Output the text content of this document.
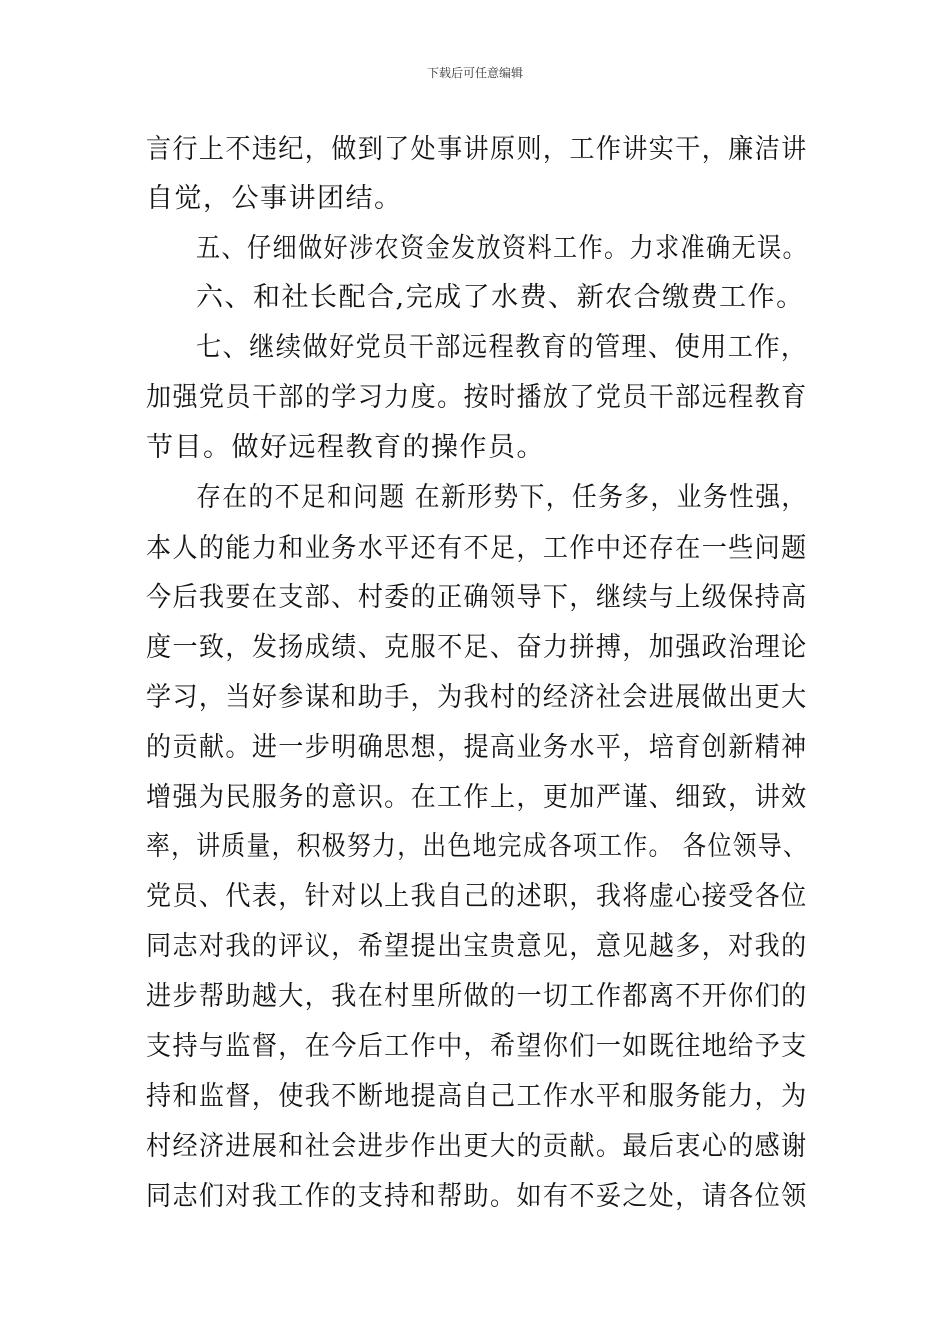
下载后可任意编辑
言行上不违纪，做到了处事讲原则，工作讲实干，廉洁讲
自觉，公事讲团结。
五、仔细做好涉农资金发放资料工作。力求准确无误。
六、和社长配合,完成了水费、新农合缴费工作。
七、继续做好党员干部远程教育的管理、使用工作，
加强党员干部的学习力度。按时播放了党员干部远程教育
节目。做好远程教育的操作员。
存在的不足和问题 在新形势下，任务多，业务性强，
本人的能力和业务水平还有不足，工作中还存在一些问题
今后我要在支部、村委的正确领导下，继续与上级保持高
度一致，发扬成绩、克服不足、奋力拼搏，加强政治理论
学习，当好参谋和助手，为我村的经济社会进展做出更大
的贡献。进一步明确思想，提高业务水平，培育创新精神
增强为民服务的意识。在工作上，更加严谨、细致，讲效
率，讲质量，积极努力，出色地完成各项工作。 各位领导、
党员、代表，针对以上我自己的述职，我将虚心接受各位
同志对我的评议，希望提出宝贵意见，意见越多，对我的
进步帮助越大，我在村里所做的一切工作都离不开你们的
支持与监督，在今后工作中，希望你们一如既往地给予支
持和监督，使我不断地提高自己工作水平和服务能力，为
村经济进展和社会进步作出更大的贡献。最后衷心的感谢
同志们对我工作的支持和帮助。如有不妥之处，请各位领
